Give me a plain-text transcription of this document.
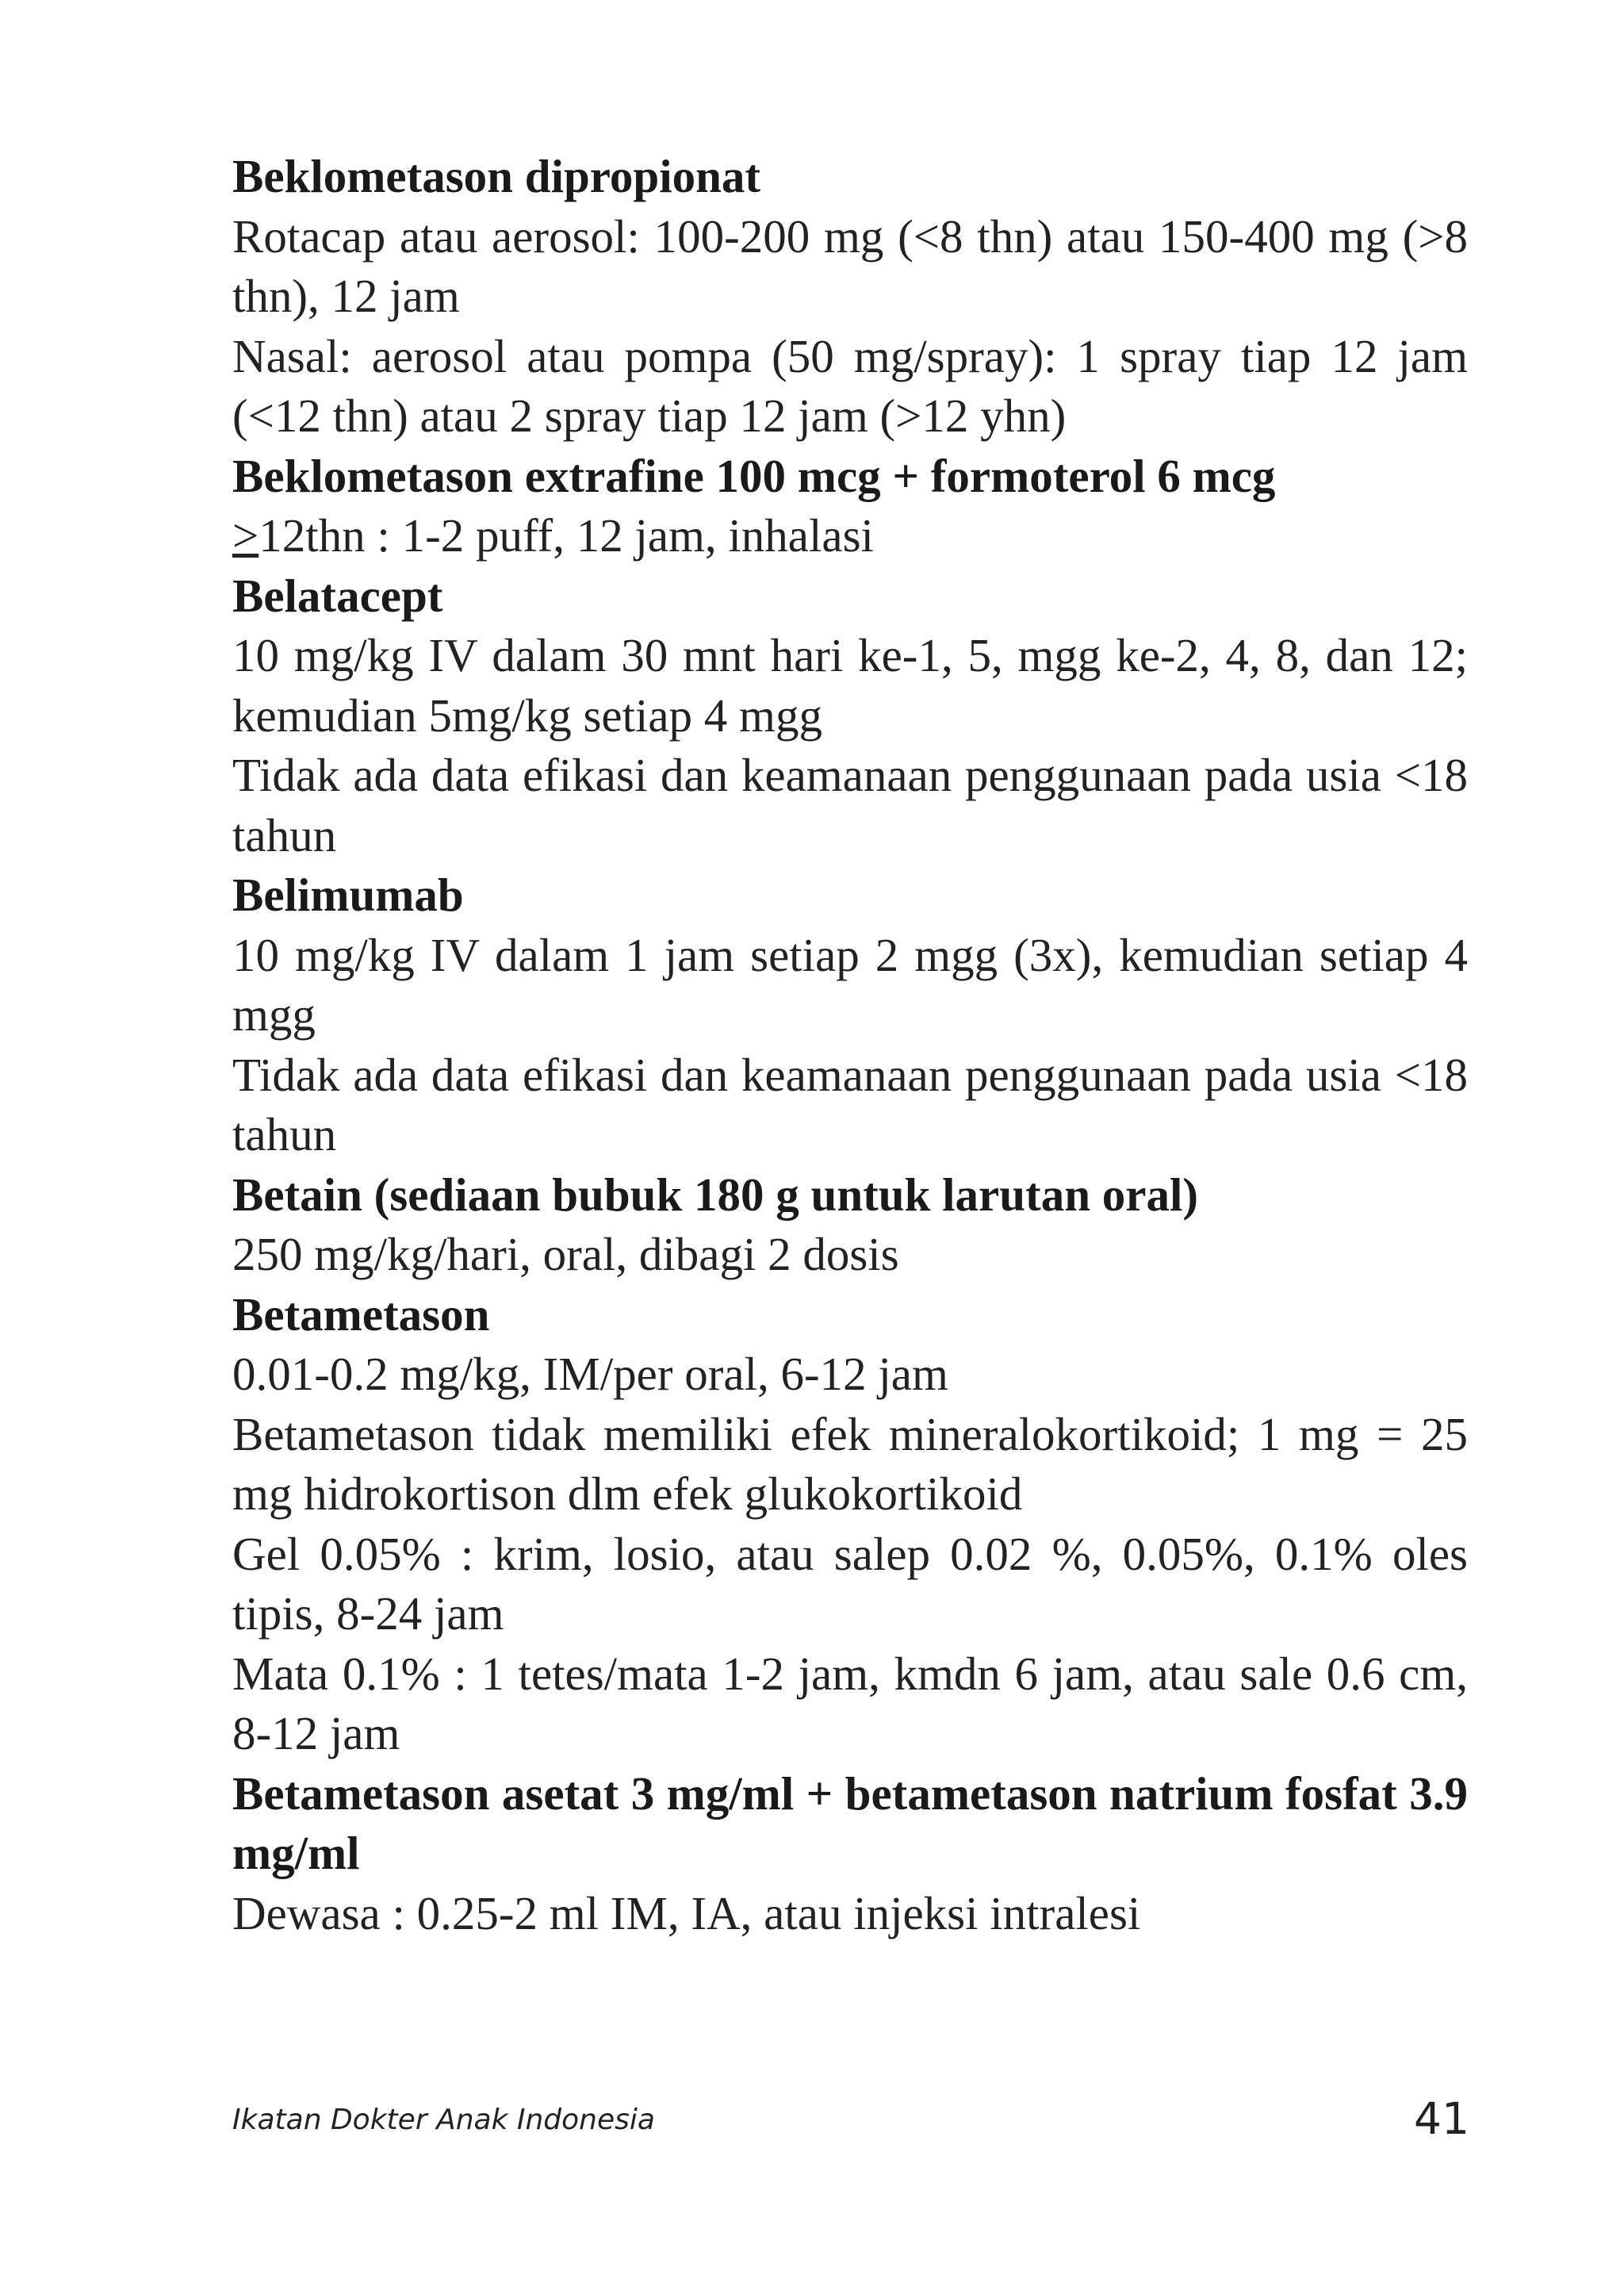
Beklometason dipropionat

Rotacap atau aerosol: 100-200 mg (<8 thn) atau 150-400 mg (>8 thn), 12 jam

Nasal: aerosol atau pompa (50 mg/spray): 1 spray tiap 12 jam (<12 thn) atau 2 spray tiap 12 jam (>12 yhn)

Beklometason extrafine 100 mcg + formoterol 6 mcg

≥12thn : 1-2 puff, 12 jam, inhalasi

Belatacept

10 mg/kg IV dalam 30 mnt hari ke-1, 5, mgg ke-2, 4, 8, dan 12; kemudian 5mg/kg setiap 4 mgg

Tidak ada data efikasi dan keamanaan penggunaan pada usia <18 tahun

Belimumab

10 mg/kg IV dalam 1 jam setiap 2 mgg (3x), kemudian setiap 4 mgg

Tidak ada data efikasi dan keamanaan penggunaan pada usia <18 tahun

Betain (sediaan bubuk 180 g untuk larutan oral)

250 mg/kg/hari, oral, dibagi 2 dosis

Betametason

0.01-0.2 mg/kg, IM/per oral, 6-12 jam

Betametason tidak memiliki efek mineralokortikoid; 1 mg = 25 mg hidrokortison dlm efek glukokortikoid

Gel 0.05% : krim, losio, atau salep 0.02 %, 0.05%, 0.1% oles tipis, 8-24 jam

Mata 0.1% : 1 tetes/mata 1-2 jam, kmdn 6 jam, atau sale 0.6 cm, 8-12 jam

Betametason asetat 3 mg/ml + betametason natrium fosfat 3.9 mg/ml

Dewasa : 0.25-2 ml IM, IA, atau injeksi intralesi

Ikatan Dokter Anak Indonesia	41
